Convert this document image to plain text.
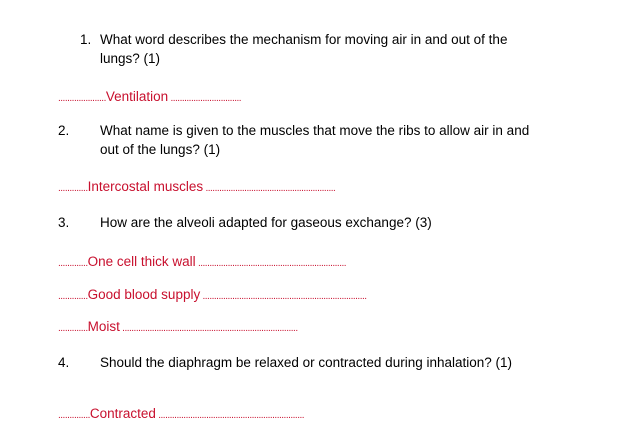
1. What word describes the mechanism for moving air in and out of the
lungs? (1)
.....................Ventilation ...............................
2. What name is given to the muscles that move the ribs to allow air in and
out of the lungs? (1)
.............Intercostal muscles .........................................................
3. How are the alveoli adapted for gaseous exchange? (3)
.............One cell thick wall .................................................................
.............Good blood supply ........................................................................
.............Moist .............................................................................
4. Should the diaphragm be relaxed or contracted during inhalation? (1)
..............Contracted ................................................................
